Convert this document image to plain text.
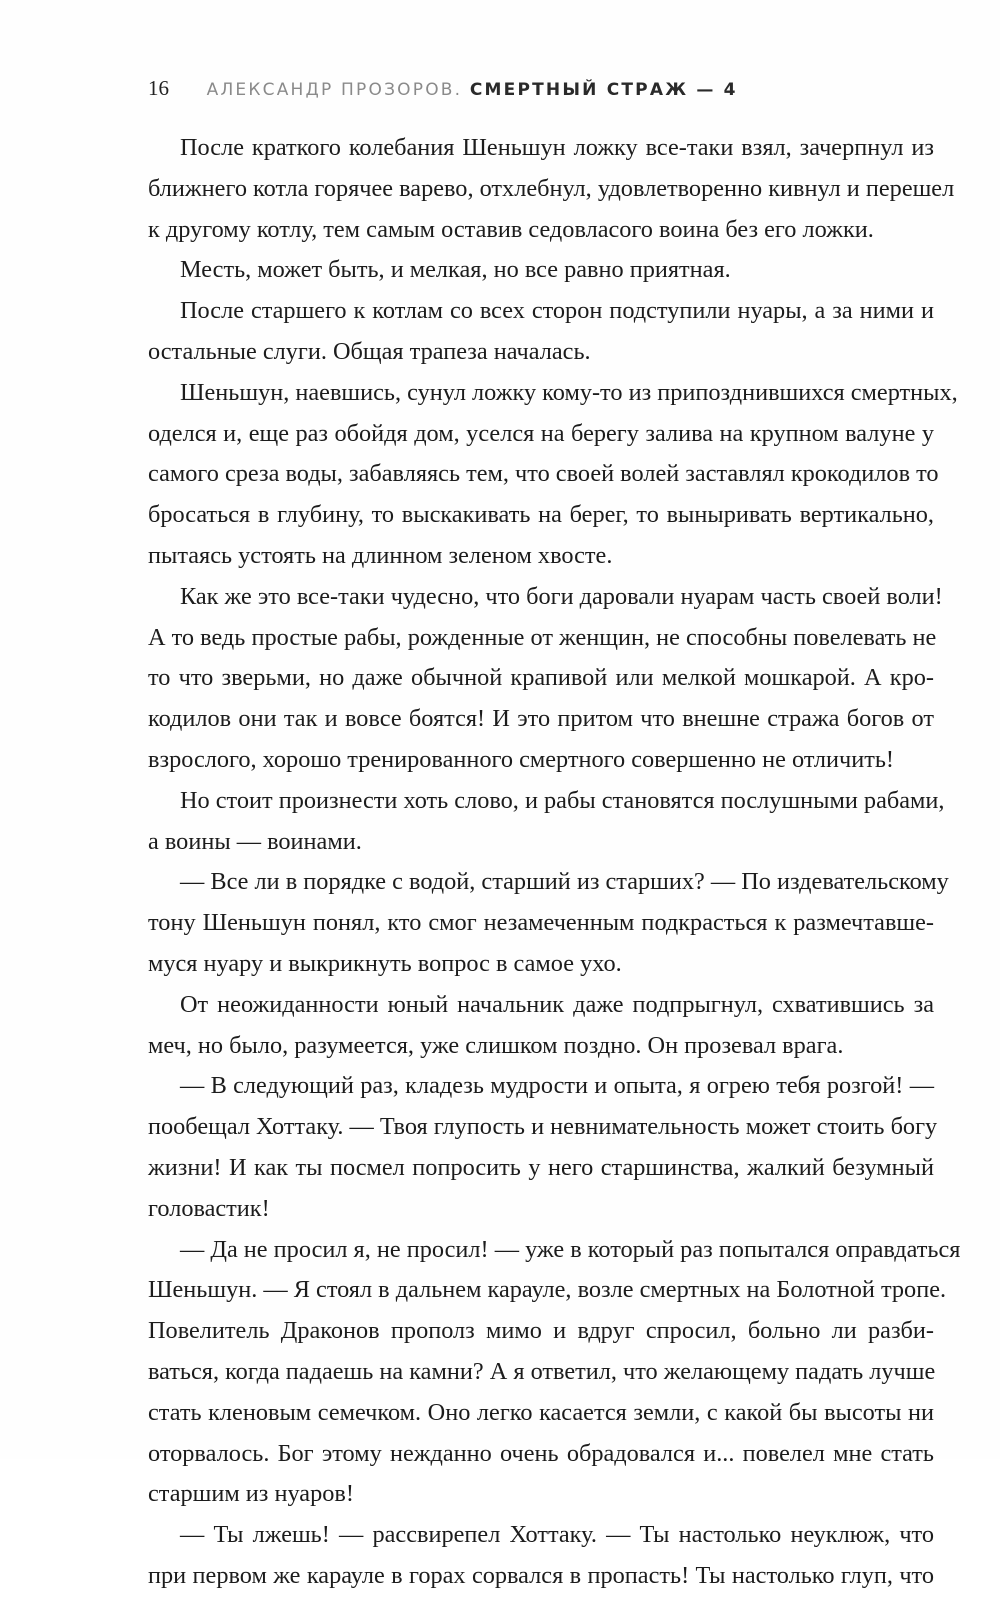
16 АЛЕКСАНДР ПРОЗОРОВ. СМЕРТНЫЙ СТРАЖ — 4
После краткого колебания Шеньшун ложку все-таки взял, зачерпнул из
ближнего котла горячее варево, отхлебнул, удовлетворенно кивнул и перешел
к другому котлу, тем самым оставив седовласого воина без его ложки.
Месть, может быть, и мелкая, но все равно приятная.
После старшего к котлам со всех сторон подступили нуары, а за ними и
остальные слуги. Общая трапеза началась.
Шеньшун, наевшись, сунул ложку кому-то из припозднившихся смертных,
оделся и, еще раз обойдя дом, уселся на берегу залива на крупном валуне у
самого среза воды, забавляясь тем, что своей волей заставлял крокодилов то
бросаться в глубину, то выскакивать на берег, то выныривать вертикально,
пытаясь устоять на длинном зеленом хвосте.
Как же это все-таки чудесно, что боги даровали нуарам часть своей воли!
А то ведь простые рабы, рожденные от женщин, не способны повелевать не
то что зверьми, но даже обычной крапивой или мелкой мошкарой. А кро-
кодилов они так и вовсе боятся! И это притом что внешне стража богов от
взрослого, хорошо тренированного смертного совершенно не отличить!
Но стоит произнести хоть слово, и рабы становятся послушными рабами,
а воины — воинами.
— Все ли в порядке с водой, старший из старших? — По издевательскому
тону Шеньшун понял, кто смог незамеченным подкрасться к размечтавше-
муся нуару и выкрикнуть вопрос в самое ухо.
От неожиданности юный начальник даже подпрыгнул, схватившись за
меч, но было, разумеется, уже слишком поздно. Он прозевал врага.
— В следующий раз, кладезь мудрости и опыта, я огрею тебя розгой! —
пообещал Хоттаку. — Твоя глупость и невнимательность может стоить богу
жизни! И как ты посмел попросить у него старшинства, жалкий безумный
головастик!
— Да не просил я, не просил! — уже в который раз попытался оправдаться
Шеньшун. — Я стоял в дальнем карауле, возле смертных на Болотной тропе.
Повелитель Драконов прополз мимо и вдруг спросил, больно ли разби-
ваться, когда падаешь на камни? А я ответил, что желающему падать лучше
стать кленовым семечком. Оно легко касается земли, с какой бы высоты ни
оторвалось. Бог этому нежданно очень обрадовался и... повелел мне стать
старшим из нуаров!
— Ты лжешь! — рассвирепел Хоттаку. — Ты настолько неуклюж, что
при первом же карауле в горах сорвался в пропасть! Ты настолько глуп, что
